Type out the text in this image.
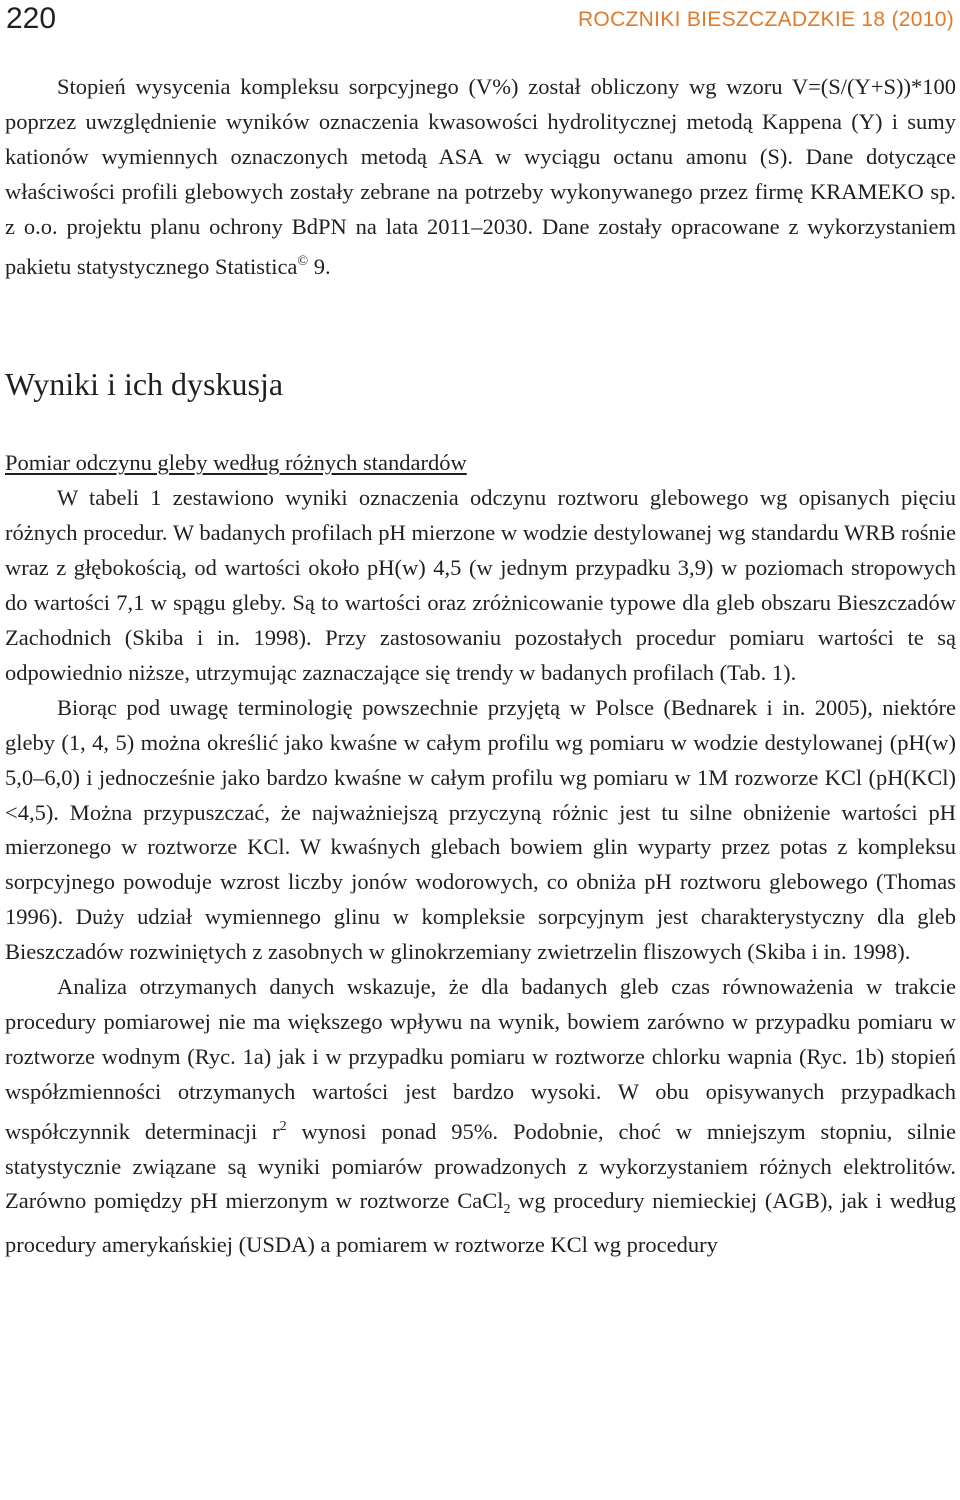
220	ROCZNIKI BIESZCZADZKIE 18 (2010)

Stopień wysycenia kompleksu sorpcyjnego (V%) został obliczony wg wzoru V=(S/(Y+S))*100 poprzez uwzględnienie wyników oznaczenia kwasowości hydrolitycznej metodą Kappena (Y) i sumy kationów wymiennych oznaczonych metodą ASA w wyciągu octanu amonu (S). Dane dotyczące właściwości profili glebowych zostały zebrane na potrzeby wykonywanego przez firmę KRAMEKO sp. z o.o. projektu planu ochrony BdPN na lata 2011–2030. Dane zostały opracowane z wykorzystaniem pakietu statystycznego Statistica© 9.

Wyniki i ich dyskusja
Pomiar odczynu gleby według różnych standardów

W tabeli 1 zestawiono wyniki oznaczenia odczynu roztworu glebowego wg opisanych pięciu różnych procedur. W badanych profilach pH mierzone w wodzie destylowanej wg standardu WRB rośnie wraz z głębokością, od wartości około pH(w) 4,5 (w jednym przypadku 3,9) w poziomach stropowych do wartości 7,1 w spągu gleby. Są to wartości oraz zróżnicowanie typowe dla gleb obszaru Bieszczadów Zachodnich (Skiba i in. 1998). Przy zastosowaniu pozostałych procedur pomiaru wartości te są odpowiednio niższe, utrzymując zaznaczające się trendy w badanych profilach (Tab. 1).

Biorąc pod uwagę terminologię powszechnie przyjętą w Polsce (Bednarek i in. 2005), niektóre gleby (1, 4, 5) można określić jako kwaśne w całym profilu wg pomiaru w wodzie destylowanej (pH(w) 5,0–6,0) i jednocześnie jako bardzo kwaśne w całym profilu wg pomiaru w 1M rozworze KCl (pH(KCl) <4,5). Można przypuszczać, że najważniejszą przyczyną różnic jest tu silne obniżenie wartości pH mierzonego w roztworze KCl. W kwaśnych glebach bowiem glin wyparty przez potas z kompleksu sorpcyjnego powoduje wzrost liczby jonów wodorowych, co obniża pH roztworu glebowego (Thomas 1996). Duży udział wymiennego glinu w kompleksie sorpcyjnym jest charakterystyczny dla gleb Bieszczadów rozwiniętych z zasobnych w glinokrzemiany zwietrzelin fliszowych (Skiba i in. 1998).

Analiza otrzymanych danych wskazuje, że dla badanych gleb czas równoważenia w trakcie procedury pomiarowej nie ma większego wpływu na wynik, bowiem zarówno w przypadku pomiaru w roztworze wodnym (Ryc. 1a) jak i w przypadku pomiaru w roztworze chlorku wapnia (Ryc. 1b) stopień współzmienności otrzymanych wartości jest bardzo wysoki. W obu opisywanych przypadkach współczynnik determinacji $r^2$ wynosi ponad 95%. Podobnie, choć w mniejszym stopniu, silnie statystycznie związane są wyniki pomiarów prowadzonych z wykorzystaniem różnych elektrolitów. Zarówno pomiędzy pH mierzonym w roztworze CaCl$_2$ wg procedury niemieckiej (AGB), jak i według procedury amerykańskiej (USDA) a pomiarem w roztworze KCl wg procedury
